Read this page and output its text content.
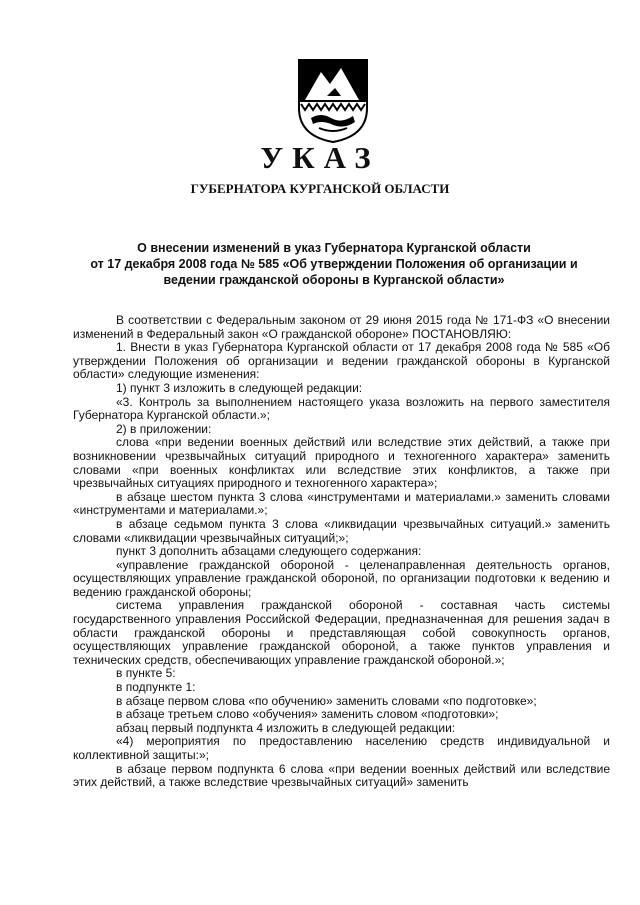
УКАЗ
ГУБЕРНАТОРА КУРГАНСКОЙ ОБЛАСТИ
О внесении изменений в указ Губернатора Курганской области
от 17 декабря 2008 года № 585 «Об утверждении Положения об организации и
ведении гражданской обороны в Курганской области»

В соответствии с Федеральным законом от 29 июня 2015 года № 171-ФЗ «О внесении изменений в Федеральный закон «О гражданской обороне» ПОСТАНОВЛЯЮ:

1. Внести в указ Губернатора Курганской области от 17 декабря 2008 года № 585 «Об утверждении Положения об организации и ведении гражданской обороны в Курганской области» следующие изменения:

1) пункт 3 изложить в следующей редакции:

«3. Контроль за выполнением настоящего указа возложить на первого заместителя Губернатора Курганской области.»;

2) в приложении:

слова «при ведении военных действий или вследствие этих действий, а также при возникновении чрезвычайных ситуаций природного и техногенного характера» заменить словами «при военных конфликтах или вследствие этих конфликтов, а также при чрезвычайных ситуациях природного и техногенного характера»;

в абзаце шестом пункта 3 слова «инструментами и материалами.» заменить словами «инструментами и материалами.»;

в абзаце седьмом пункта 3 слова «ликвидации чрезвычайных ситуаций.» заменить словами «ликвидации чрезвычайных ситуаций;»;

пункт 3 дополнить абзацами следующего содержания:

«управление гражданской обороной - целенаправленная деятельность органов, осуществляющих управление гражданской обороной, по организации подготовки к ведению и ведению гражданской обороны;

система управления гражданской обороной - составная часть системы государственного управления Российской Федерации, предназначенная для решения задач в области гражданской обороны и представляющая собой совокупность органов, осуществляющих управление гражданской обороной, а также пунктов управления и технических средств, обеспечивающих управление гражданской обороной.»;

в пункте 5:

в подпункте 1:

в абзаце первом слова «по обучению» заменить словами «по подготовке»;

в абзаце третьем слово «обучения» заменить словом «подготовки»;

абзац первый подпункта 4 изложить в следующей редакции:

«4) мероприятия по предоставлению населению средств индивидуальной и коллективной защиты:»;

в абзаце первом подпункта 6 слова «при ведении военных действий или вследствие этих действий, а также вследствие чрезвычайных ситуаций» заменить
